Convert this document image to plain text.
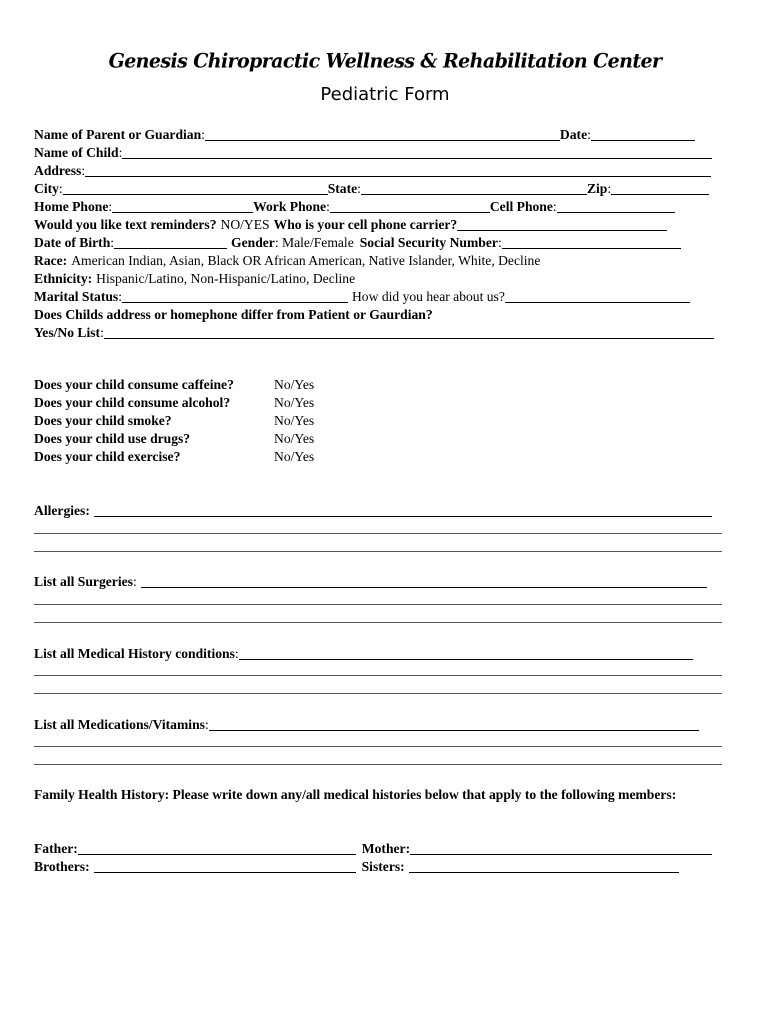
Genesis Chiropractic Wellness & Rehabilitation Center
Pediatric Form
Name of Parent or Guardian :	Date :
Name of Child :
Address :
City :	State :	Zip :
Home Phone :	Work Phone :	Cell Phone :
Would you like text reminders? NO/YES Who is your cell phone carrier?
Date of Birth :	Gender : Male/Female Social Security Number :
Race: American Indian, Asian, Black OR African American, Native Islander, White, Decline
Ethnicity: Hispanic/Latino, Non-Hispanic/Latino, Decline
Marital Status :	How did you hear about us?
Does Childs address or homephone differ from Patient or Gaurdian?
Yes/No List :
Does your child consume caffeine?	No/Yes
Does your child consume alcohol?	No/Yes
Does your child smoke?	No/Yes
Does your child use drugs?	No/Yes
Does your child exercise?	No/Yes
Allergies:
List all Surgeries :
List all Medical History conditions :
List all Medications/Vitamins :
Family Health History: Please write down any/all medical histories below that apply to the following members:
Father:	Mother:
Brothers:	Sisters:
